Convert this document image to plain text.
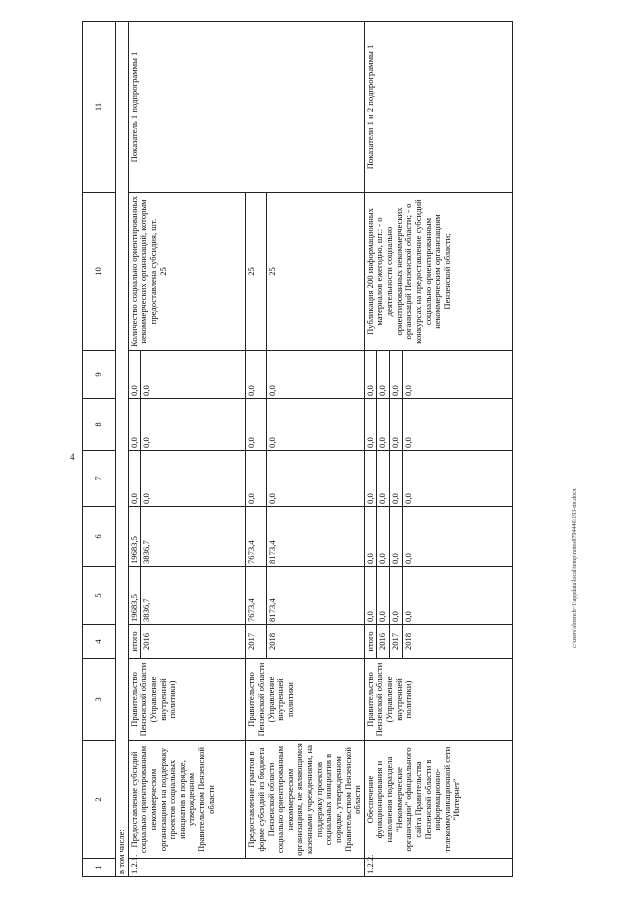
4
c:\users\sbrench~1\appdata\local\temp\notes8794446\193-пп.docx
1	2	3	4	5	6	7	8	9	10	11
в том числе:										
1.2.1.	Предоставление субсидий социально ориентированным некоммерческим организациям на поддержку проектов социальных инициатив в порядке, утвержденном Правительством Пензенской области	Правительство Пензенской области (Управление внутренней политики)	итого	19683,5	19683,5	0,0	0,0	0,0	Количество социально ориентированных некоммерческих организаций, которым предоставлена субсидия, шт. 25	Показатель 1 подпрограммы 1
			2016	3836,7	3836,7	0,0	0,0	0,0		
	Предоставление грантов в форме субсидий из бюджета Пензенской области социально ориентированным некоммерческим организациям, не являющимся казенными учреждениями, на поддержку проектов социальных инициатив в порядке, утвержденном Правительством Пензенской области	Правительство Пензенской области (Управление внутренней политики	2017	7673,4	7673,4	0,0	0,0	0,0	25	
			2018	8173,4	8173,4	0,0	0,0	0,0	25	
1.2.2.	Обеспечение функционирования и наполнения подраздела "Некоммерческие организации" официального сайта Правительства Пензенской области в информационно-телекоммуникационной сети "Интернет"	Правительство Пензенской области (Управление внутренней политики)	итого	0,0	0,0	0,0	0,0	0,0	Публикация 200 информационных материалов ежегодно, шт.: - о деятельности социально ориентированных некоммерческих организаций Пензенской области; - о конкурсах на предоставление субсидий социально ориентированным некоммерческим организациям Пензенской области;	Показатели 1 и 2 подпрограммы 1
			2016	0,0	0,0	0,0	0,0	0,0		
			2017	0,0	0,0	0,0	0,0	0,0		
			2018	0,0	0,0	0,0	0,0	0,0		
